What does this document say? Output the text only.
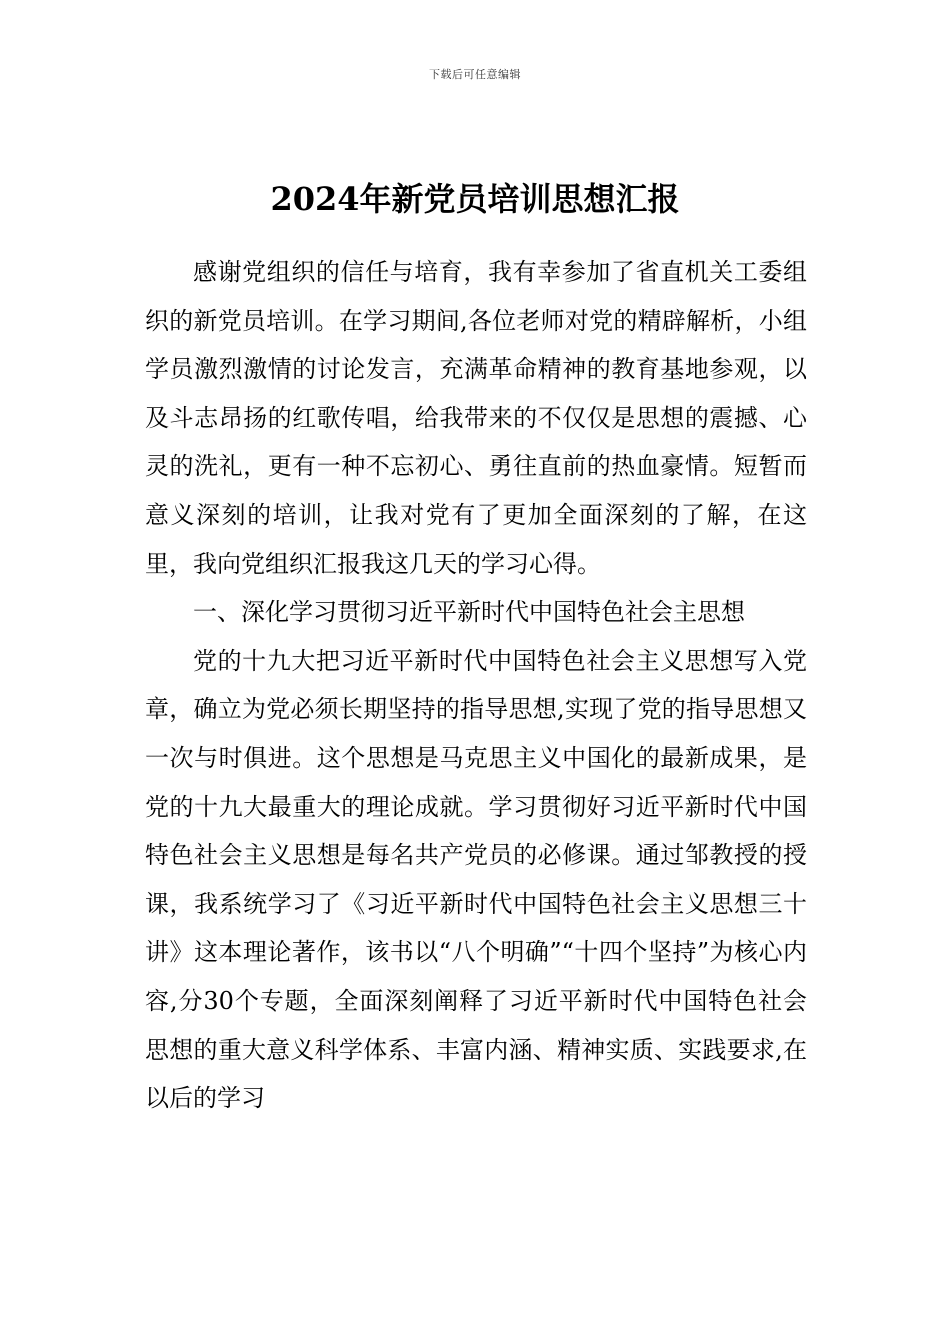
下载后可任意编辑
2024年新党员培训思想汇报

感谢党组织的信任与培育，我有幸参加了省直机关工委组织的新党员培训。在学习期间,各位老师对党的精辟解析，小组学员激烈激情的讨论发言，充满革命精神的教育基地参观，以及斗志昂扬的红歌传唱，给我带来的不仅仅是思想的震撼、心灵的洗礼，更有一种不忘初心、勇往直前的热血豪情。短暂而意义深刻的培训，让我对党有了更加全面深刻的了解，在这里，我向党组织汇报我这几天的学习心得。

一、深化学习贯彻习近平新时代中国特色社会主思想

党的十九大把习近平新时代中国特色社会主义思想写入党章，确立为党必须长期坚持的指导思想,实现了党的指导思想又一次与时俱进。这个思想是马克思主义中国化的最新成果，是党的十九大最重大的理论成就。学习贯彻好习近平新时代中国特色社会主义思想是每名共产党员的必修课。通过邹教授的授课，我系统学习了《习近平新时代中国特色社会主义思想三十讲》这本理论著作，该书以“八个明确”“十四个坚持”为核心内容,分30个专题，全面深刻阐释了习近平新时代中国特色社会思想的重大意义科学体系、丰富内涵、精神实质、实践要求,在以后的学习
